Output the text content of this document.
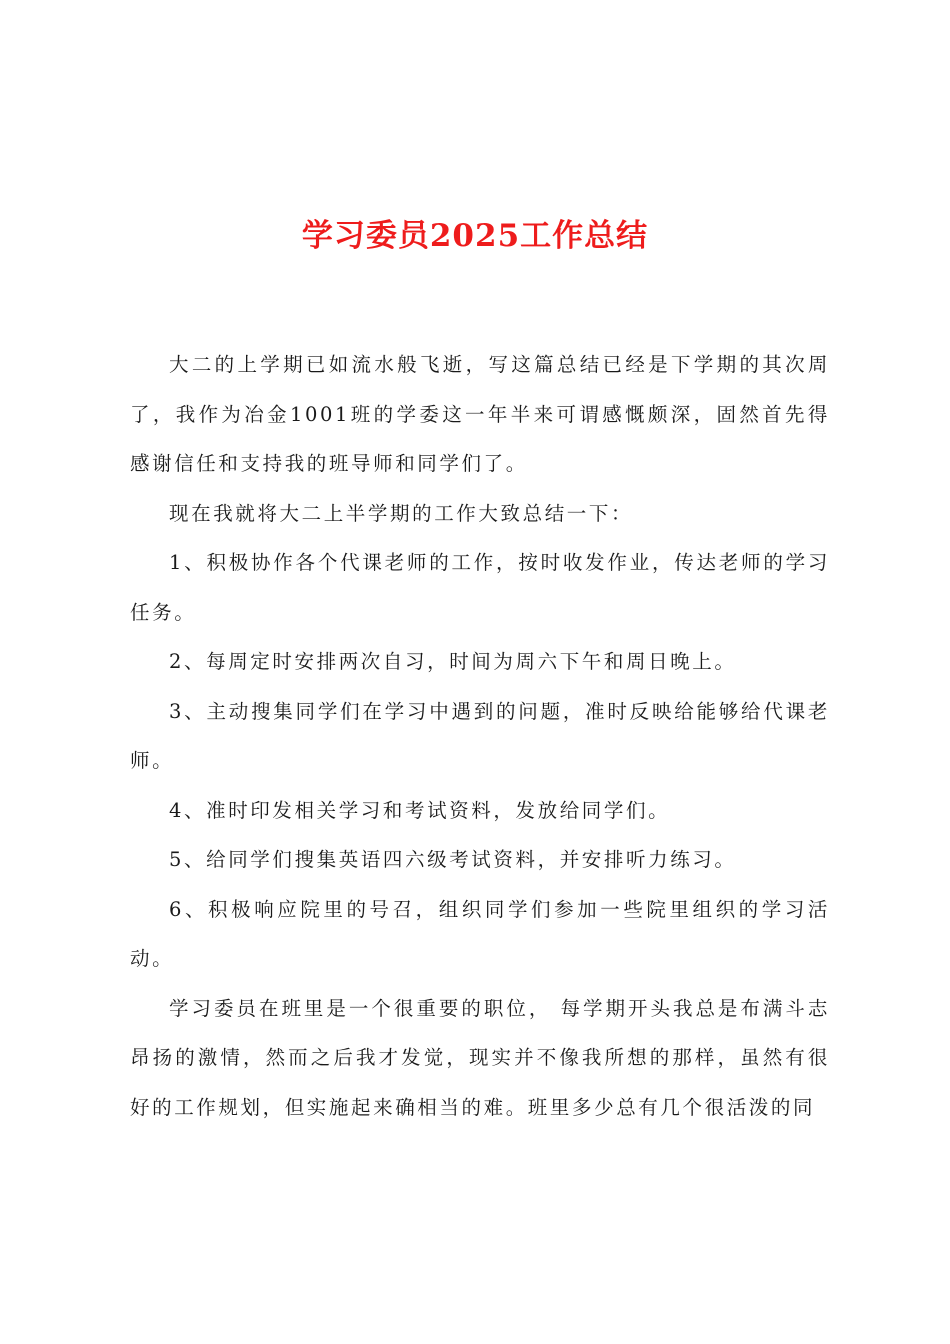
学习委员2025工作总结

大二的上学期已如流水般飞逝，写这篇总结已经是下学期的其次周了，我作为冶金1001班的学委这一年半来可谓感慨颇深，固然首先得感谢信任和支持我的班导师和同学们了。

现在我就将大二上半学期的工作大致总结一下：

1、积极协作各个代课老师的工作，按时收发作业，传达老师的学习任务。

2、每周定时安排两次自习，时间为周六下午和周日晚上。

3、主动搜集同学们在学习中遇到的问题，准时反映给能够给代课老师。

4、准时印发相关学习和考试资料，发放给同学们。

5、给同学们搜集英语四六级考试资料，并安排听力练习。

6、积极响应院里的号召，组织同学们参加一些院里组织的学习活动。

学习委员在班里是一个很重要的职位， 每学期开头我总是布满斗志昂扬的激情，然而之后我才发觉，现实并不像我所想的那样，虽然有很好的工作规划，但实施起来确相当的难。班里多少总有几个很活泼的同
